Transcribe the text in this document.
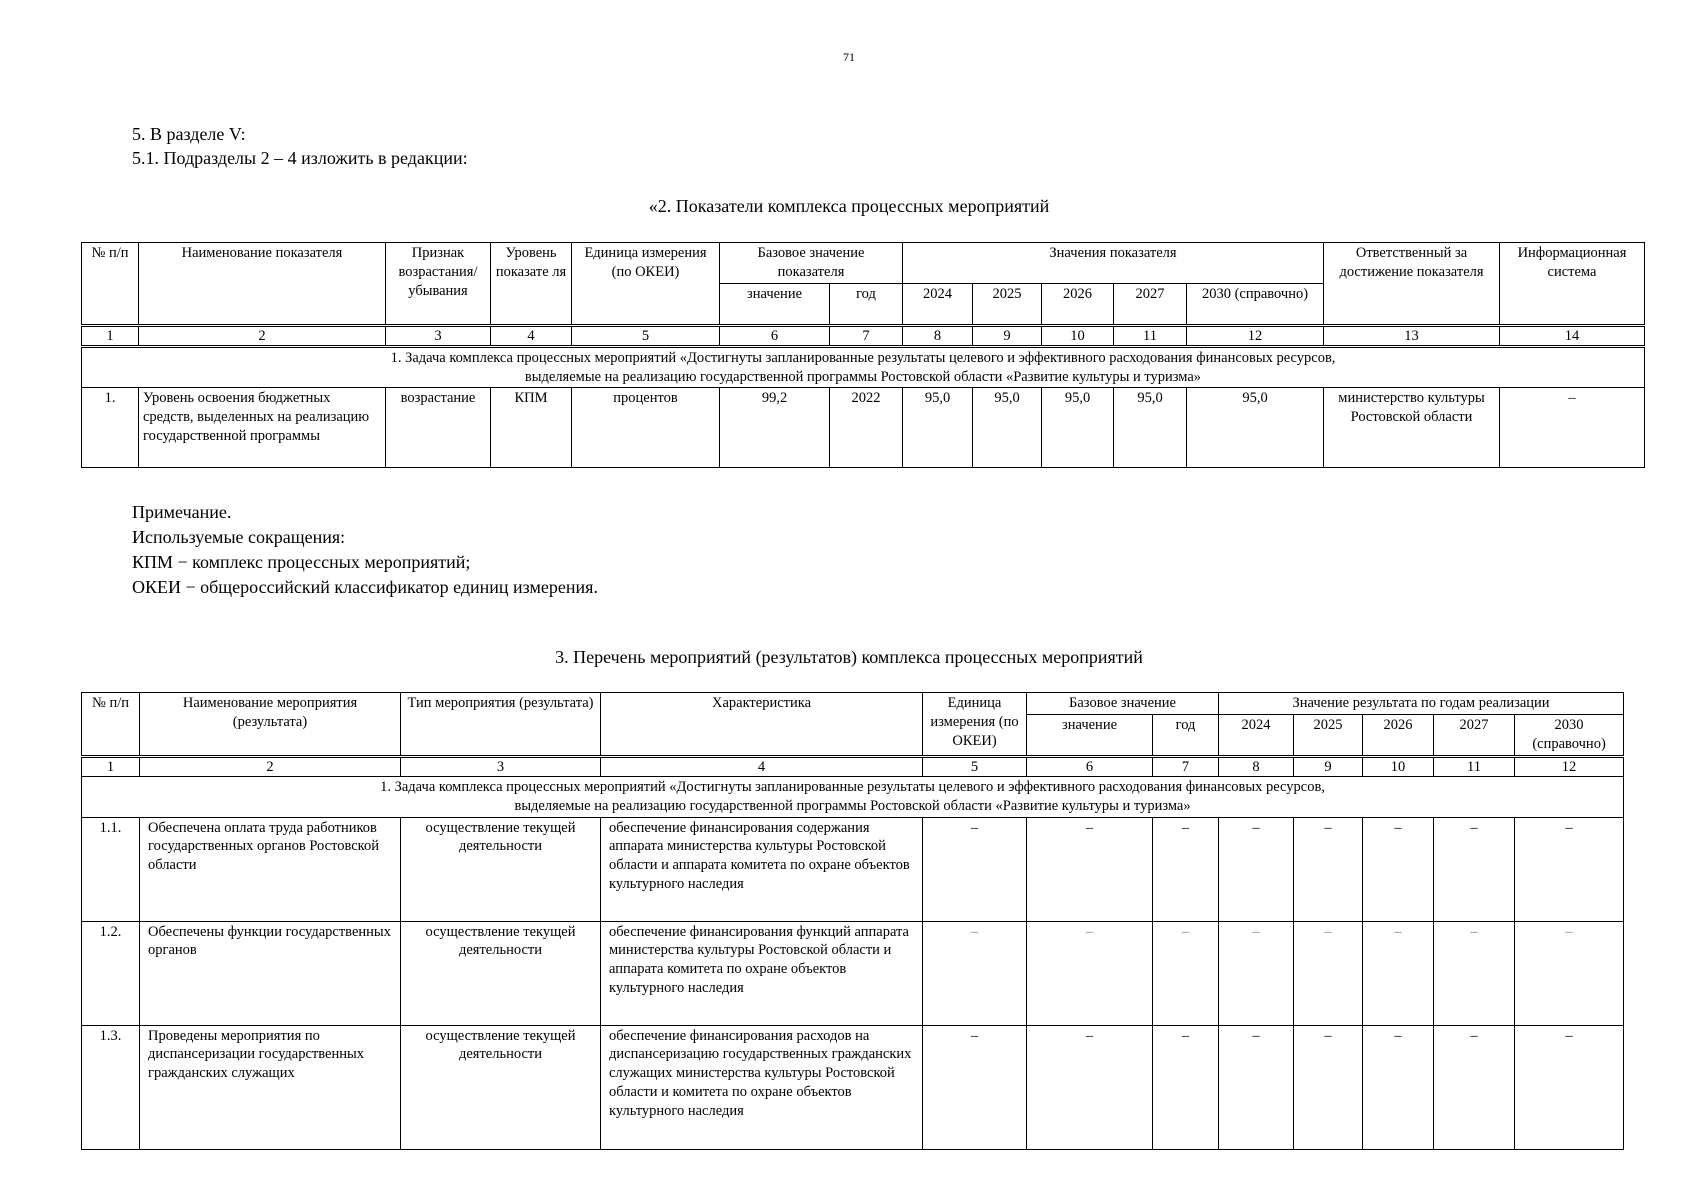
71
5. В разделе V:
5.1. Подразделы 2 – 4 изложить в редакции:
«2. Показатели комплекса процессных мероприятий
№ п/п	Наименование показателя	Признак возрастания/ убывания	Уровень показате ля	Единица измерения (по ОКЕИ)	Базовое значение показателя		Значения показателя					Ответственный за достижение показателя	Информационная система
					значение	год	2024	2025	2026	2027	2030 (справочно)		
1	2	3	4	5	6	7	8	9	10	11	12	13	14
1. Задача комплекса процессных мероприятий «Достигнуты запланированные результаты целевого и эффективного расходования финансовых ресурсов, выделяемые на реализацию государственной программы Ростовской области «Развитие культуры и туризма»													
1.	Уровень освоения бюджетных средств, выделенных на реализацию государственной программы	возрастание	КПМ	процентов	99,2	2022	95,0	95,0	95,0	95,0	95,0	министерство культуры Ростовской области	–
Примечание.
Используемые сокращения:
КПМ − комплекс процессных мероприятий;
ОКЕИ − общероссийский классификатор единиц измерения.
3. Перечень мероприятий (результатов) комплекса процессных мероприятий
№ п/п	Наименование мероприятия (результата)	Тип мероприятия (результата)	Характеристика	Единица измерения (по ОКЕИ)	Базовое значение		Значение результата по годам реализации				
					значение	год	2024	2025	2026	2027	2030 (справочно)
1	2	3	4	5	6	7	8	9	10	11	12
1. Задача комплекса процессных мероприятий «Достигнуты запланированные результаты целевого и эффективного расходования финансовых ресурсов, выделяемые на реализацию государственной программы Ростовской области «Развитие культуры и туризма»											
1.1.	Обеспечена оплата труда работников государственных органов Ростовской области	осуществление текущей деятельности	обеспечение финансирования содержания аппарата министерства культуры Ростовской области и аппарата комитета по охране объектов культурного наследия	–	–	–	–	–	–	–	–
1.2.	Обеспечены функции государственных органов	осуществление текущей деятельности	обеспечение финансирования функций аппарата министерства культуры Ростовской области и аппарата комитета по охране объектов культурного наследия	–	–	–	–	–	–	–	–
1.3.	Проведены мероприятия по диспансеризации государственных гражданских служащих	осуществление текущей деятельности	обеспечение финансирования расходов на диспансеризацию государственных гражданских служащих министерства культуры Ростовской области и комитета по охране объектов культурного наследия	–	–	–	–	–	–	–	–
